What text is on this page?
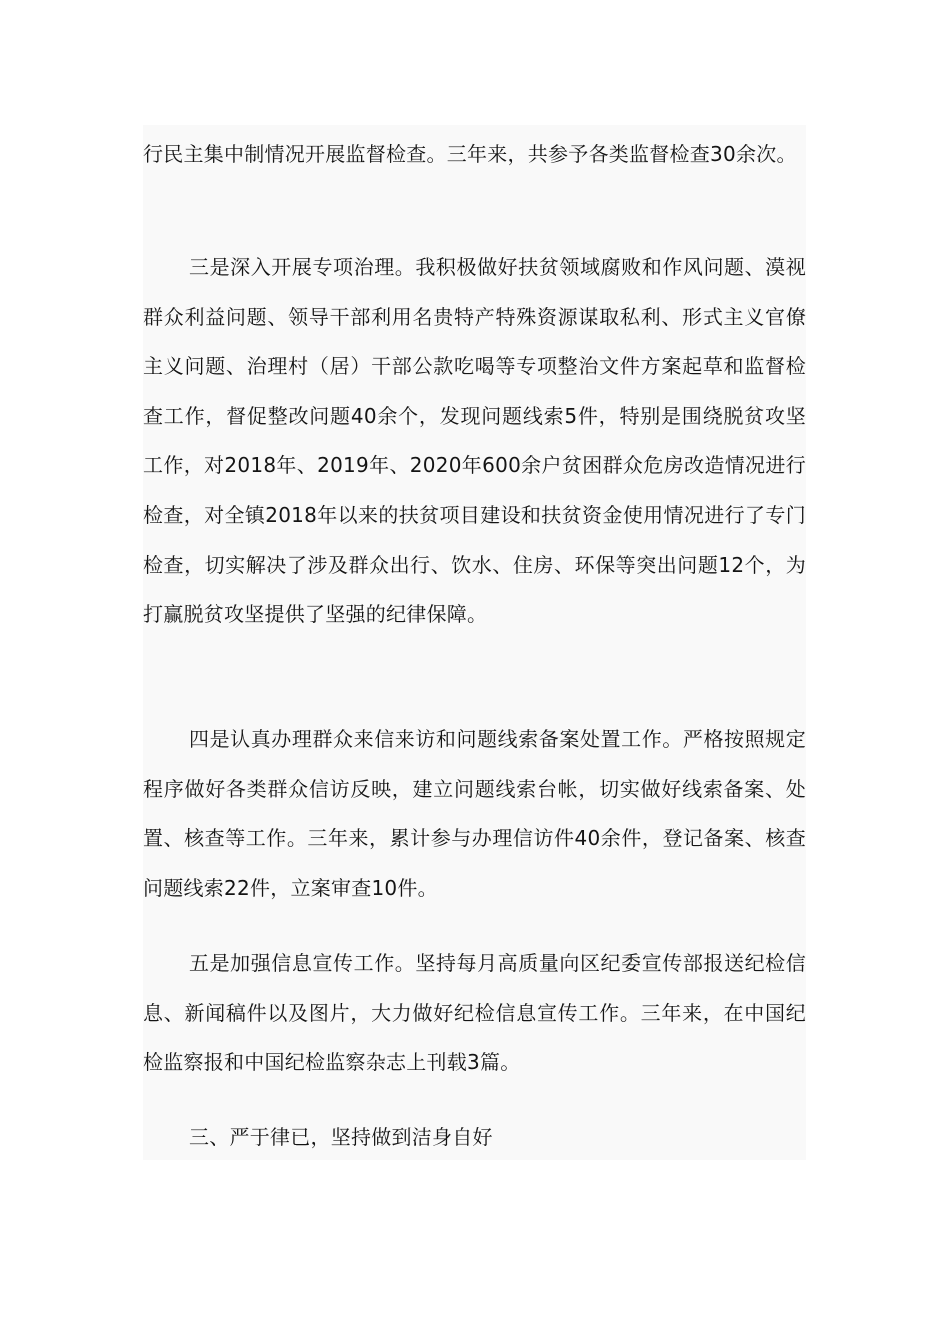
行民主集中制情况开展监督检查。三年来，共参予各类监督检查30余次。

三是深入开展专项治理。我积极做好扶贫领域腐败和作风问题、漠视群众利益问题、领导干部利用名贵特产特殊资源谋取私利、形式主义官僚主义问题、治理村（居）干部公款吃喝等专项整治文件方案起草和监督检查工作，督促整改问题40余个，发现问题线索5件，特别是围绕脱贫攻坚工作，对2018年、2019年、2020年600余户贫困群众危房改造情况进行检查，对全镇2018年以来的扶贫项目建设和扶贫资金使用情况进行了专门检查，切实解决了涉及群众出行、饮水、住房、环保等突出问题12个，为打赢脱贫攻坚提供了坚强的纪律保障。

四是认真办理群众来信来访和问题线索备案处置工作。严格按照规定程序做好各类群众信访反映，建立问题线索台帐，切实做好线索备案、处置、核查等工作。三年来，累计参与办理信访件40余件，登记备案、核查问题线索22件，立案审查10件。

五是加强信息宣传工作。坚持每月高质量向区纪委宣传部报送纪检信息、新闻稿件以及图片，大力做好纪检信息宣传工作。三年来，在中国纪检监察报和中国纪检监察杂志上刊载3篇。

三、严于律已，坚持做到洁身自好
